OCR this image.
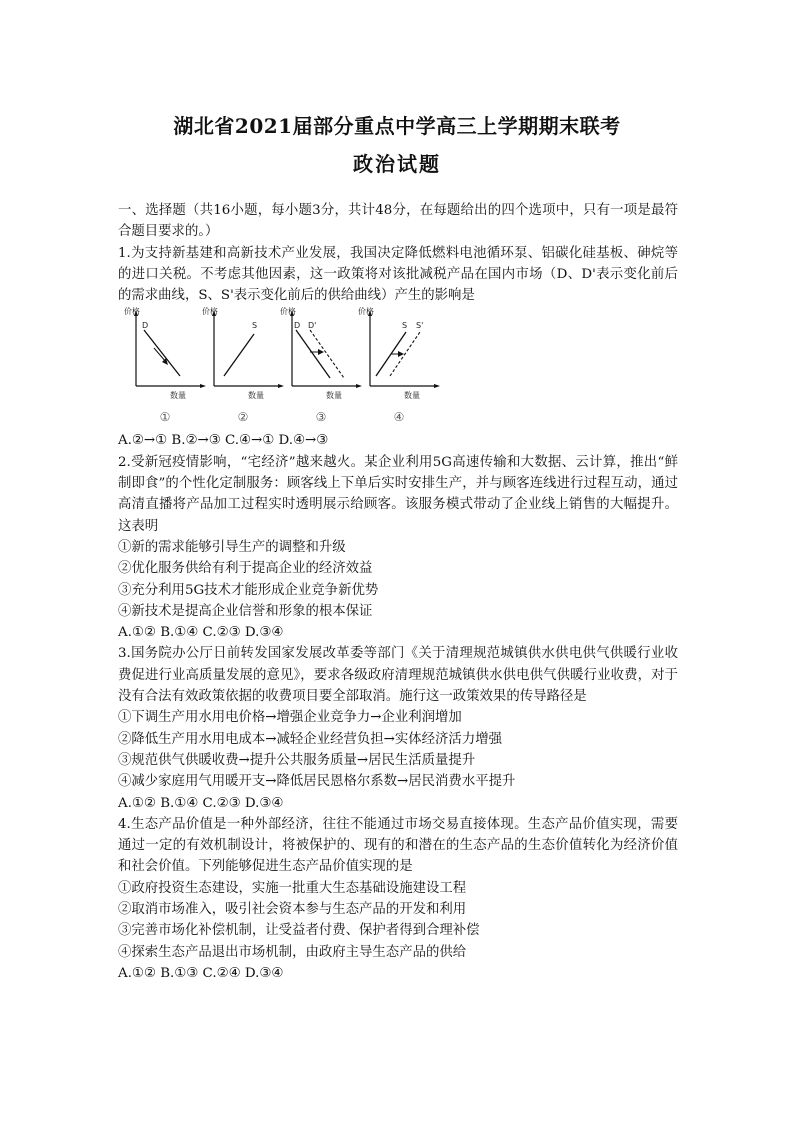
湖北省2021届部分重点中学高三上学期期末联考
政治试题

一、选择题（共16小题，每小题3分，共计48分，在每题给出的四个选项中，只有一项是最符合题目要求的。）

1.为支持新基建和高新技术产业发展，我国决定降低燃料电池循环泵、铝碳化硅基板、砷烷等的进口关税。不考虑其他因素，这一政策将对该批减税产品在国内市场（D、D'表示变化前后的需求曲线，S、S'表示变化前后的供给曲线）产生的影响是

价格
数量
D
①
价格
数量
S
②
价格
数量
D D'
③
价格
数量
S S'
④

A.②→① B.②→③ C.④→① D.④→③

2.受新冠疫情影响，“宅经济”越来越火。某企业利用5G高速传输和大数据、云计算，推出“鲜制即食”的个性化定制服务：顾客线上下单后实时安排生产，并与顾客连线进行过程互动，通过高清直播将产品加工过程实时透明展示给顾客。该服务模式带动了企业线上销售的大幅提升。这表明

①新的需求能够引导生产的调整和升级

②优化服务供给有利于提高企业的经济效益

③充分利用5G技术才能形成企业竞争新优势

④新技术是提高企业信誉和形象的根本保证

A.①② B.①④ C.②③ D.③④

3.国务院办公厅日前转发国家发展改革委等部门《关于清理规范城镇供水供电供气供暖行业收费促进行业高质量发展的意见》，要求各级政府清理规范城镇供水供电供气供暖行业收费，对于没有合法有效政策依据的收费项目要全部取消。施行这一政策效果的传导路径是

①下调生产用水用电价格→增强企业竞争力→企业利润增加

②降低生产用水用电成本→减轻企业经营负担→实体经济活力增强

③规范供气供暖收费→提升公共服务质量→居民生活质量提升

④减少家庭用气用暖开支→降低居民恩格尔系数→居民消费水平提升

A.①② B.①④ C.②③ D.③④

4.生态产品价值是一种外部经济，往往不能通过市场交易直接体现。生态产品价值实现，需要通过一定的有效机制设计，将被保护的、现有的和潜在的生态产品的生态价值转化为经济价值和社会价值。下列能够促进生态产品价值实现的是

①政府投资生态建设，实施一批重大生态基础设施建设工程

②取消市场准入，吸引社会资本参与生态产品的开发和利用

③完善市场化补偿机制，让受益者付费、保护者得到合理补偿

④探索生态产品退出市场机制，由政府主导生态产品的供给

A.①② B.①③ C.②④ D.③④
